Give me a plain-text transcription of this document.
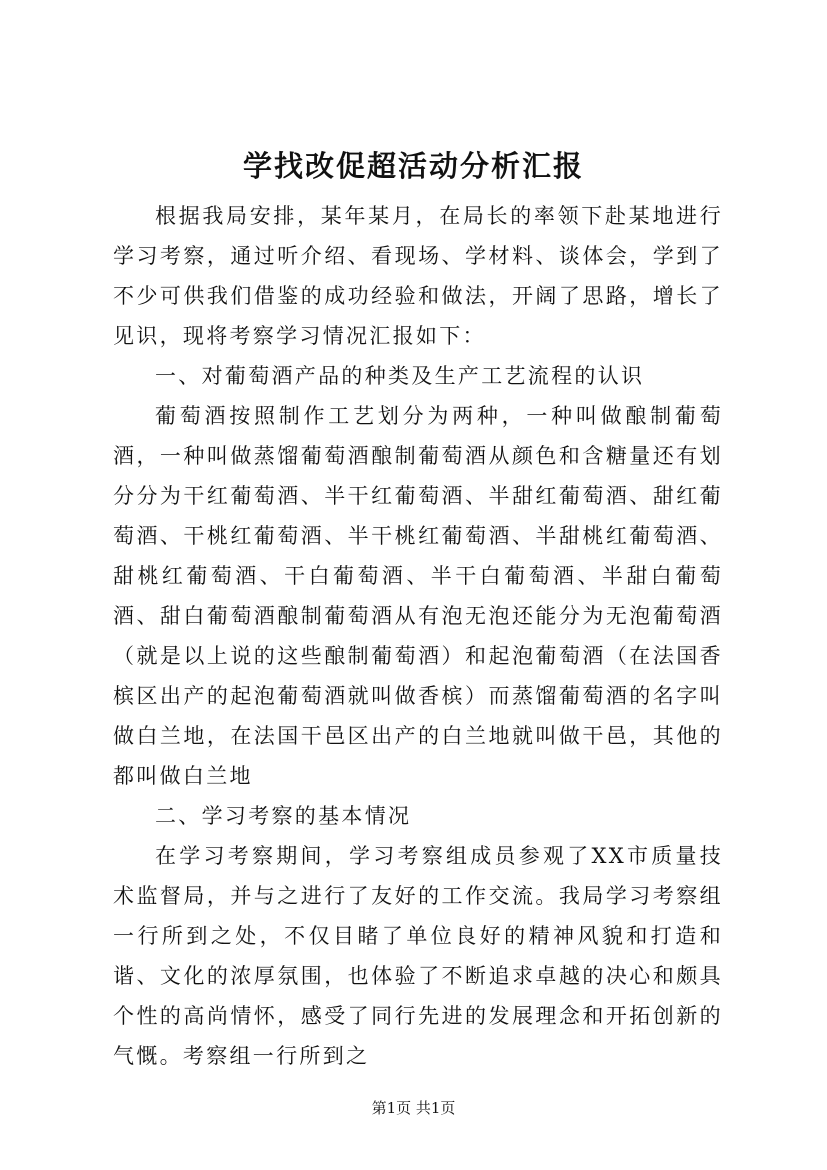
学找改促超活动分析汇报

根据我局安排，某年某月，在局长的率领下赴某地进行学习考察，通过听介绍、看现场、学材料、谈体会，学到了不少可供我们借鉴的成功经验和做法，开阔了思路，增长了见识，现将考察学习情况汇报如下：

一、对葡萄酒产品的种类及生产工艺流程的认识

葡萄酒按照制作工艺划分为两种，一种叫做酿制葡萄酒，一种叫做蒸馏葡萄酒酿制葡萄酒从颜色和含糖量还有划分分为干红葡萄酒、半干红葡萄酒、半甜红葡萄酒、甜红葡萄酒、干桃红葡萄酒、半干桃红葡萄酒、半甜桃红葡萄酒、甜桃红葡萄酒、干白葡萄酒、半干白葡萄酒、半甜白葡萄酒、甜白葡萄酒酿制葡萄酒从有泡无泡还能分为无泡葡萄酒（就是以上说的这些酿制葡萄酒）和起泡葡萄酒（在法国香槟区出产的起泡葡萄酒就叫做香槟）而蒸馏葡萄酒的名字叫做白兰地，在法国干邑区出产的白兰地就叫做干邑，其他的都叫做白兰地

二、学习考察的基本情况

在学习考察期间，学习考察组成员参观了XX市质量技术监督局，并与之进行了友好的工作交流。我局学习考察组一行所到之处，不仅目睹了单位良好的精神风貌和打造和谐、文化的浓厚氛围，也体验了不断追求卓越的决心和颇具个性的高尚情怀，感受了同行先进的发展理念和开拓创新的气慨。考察组一行所到之

第1页 共1页
